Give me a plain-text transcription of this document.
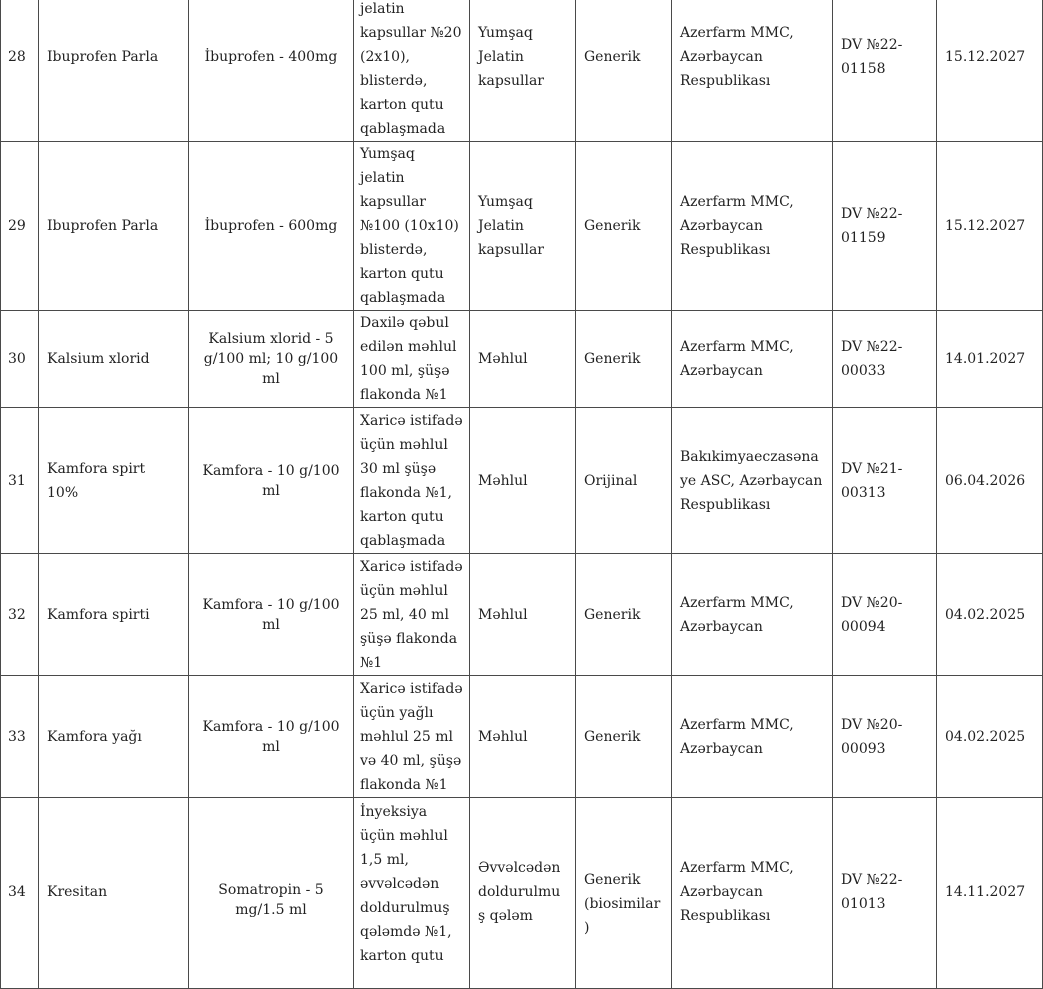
28	Ibuprofen Parla	İbuprofen - 400mg	jelatin kapsullar №20 (2x10), blisterdə, karton qutu qablaşmada	Yumşaq Jelatin kapsullar	Generik	Azerfarm MMC, Azərbaycan Respublikası	DV №22-01158	15.12.2027
29	Ibuprofen Parla	İbuprofen - 600mg	Yumşaq jelatin kapsullar №100 (10x10) blisterdə, karton qutu qablaşmada	Yumşaq Jelatin kapsullar	Generik	Azerfarm MMC, Azərbaycan Respublikası	DV №22-01159	15.12.2027
30	Kalsium xlorid	Kalsium xlorid - 5 g/100 ml; 10 g/100 ml	Daxilə qəbul edilən məhlul 100 ml, şüşə flakonda №1	Məhlul	Generik	Azerfarm MMC, Azərbaycan	DV №22-00033	14.01.2027
31	Kamfora spirt 10%	Kamfora - 10 g/100 ml	Xaricə istifadə üçün məhlul 30 ml şüşə flakonda №1, karton qutu qablaşmada	Məhlul	Orijinal	Bakıkimyaeczasənaye ASC, Azərbaycan Respublikası	DV №21-00313	06.04.2026
32	Kamfora spirti	Kamfora - 10 g/100 ml	Xaricə istifadə üçün məhlul 25 ml, 40 ml şüşə flakonda №1	Məhlul	Generik	Azerfarm MMC, Azərbaycan	DV №20-00094	04.02.2025
33	Kamfora yağı	Kamfora - 10 g/100 ml	Xaricə istifadə üçün yağlı məhlul 25 ml və 40 ml, şüşə flakonda №1	Məhlul	Generik	Azerfarm MMC, Azərbaycan	DV №20-00093	04.02.2025

34	Kresitan	Somatropin - 5 mg/1.5 ml	İnyeksiya üçün məhlul 1,5 ml, əvvəlcədən doldurulmuş qələmdə №1, karton qutu	Əvvəlcədən doldurulmuş qələm	Generik (biosimilar)	Azerfarm MMC, Azərbaycan Respublikası	DV №22-01013	14.11.2027
